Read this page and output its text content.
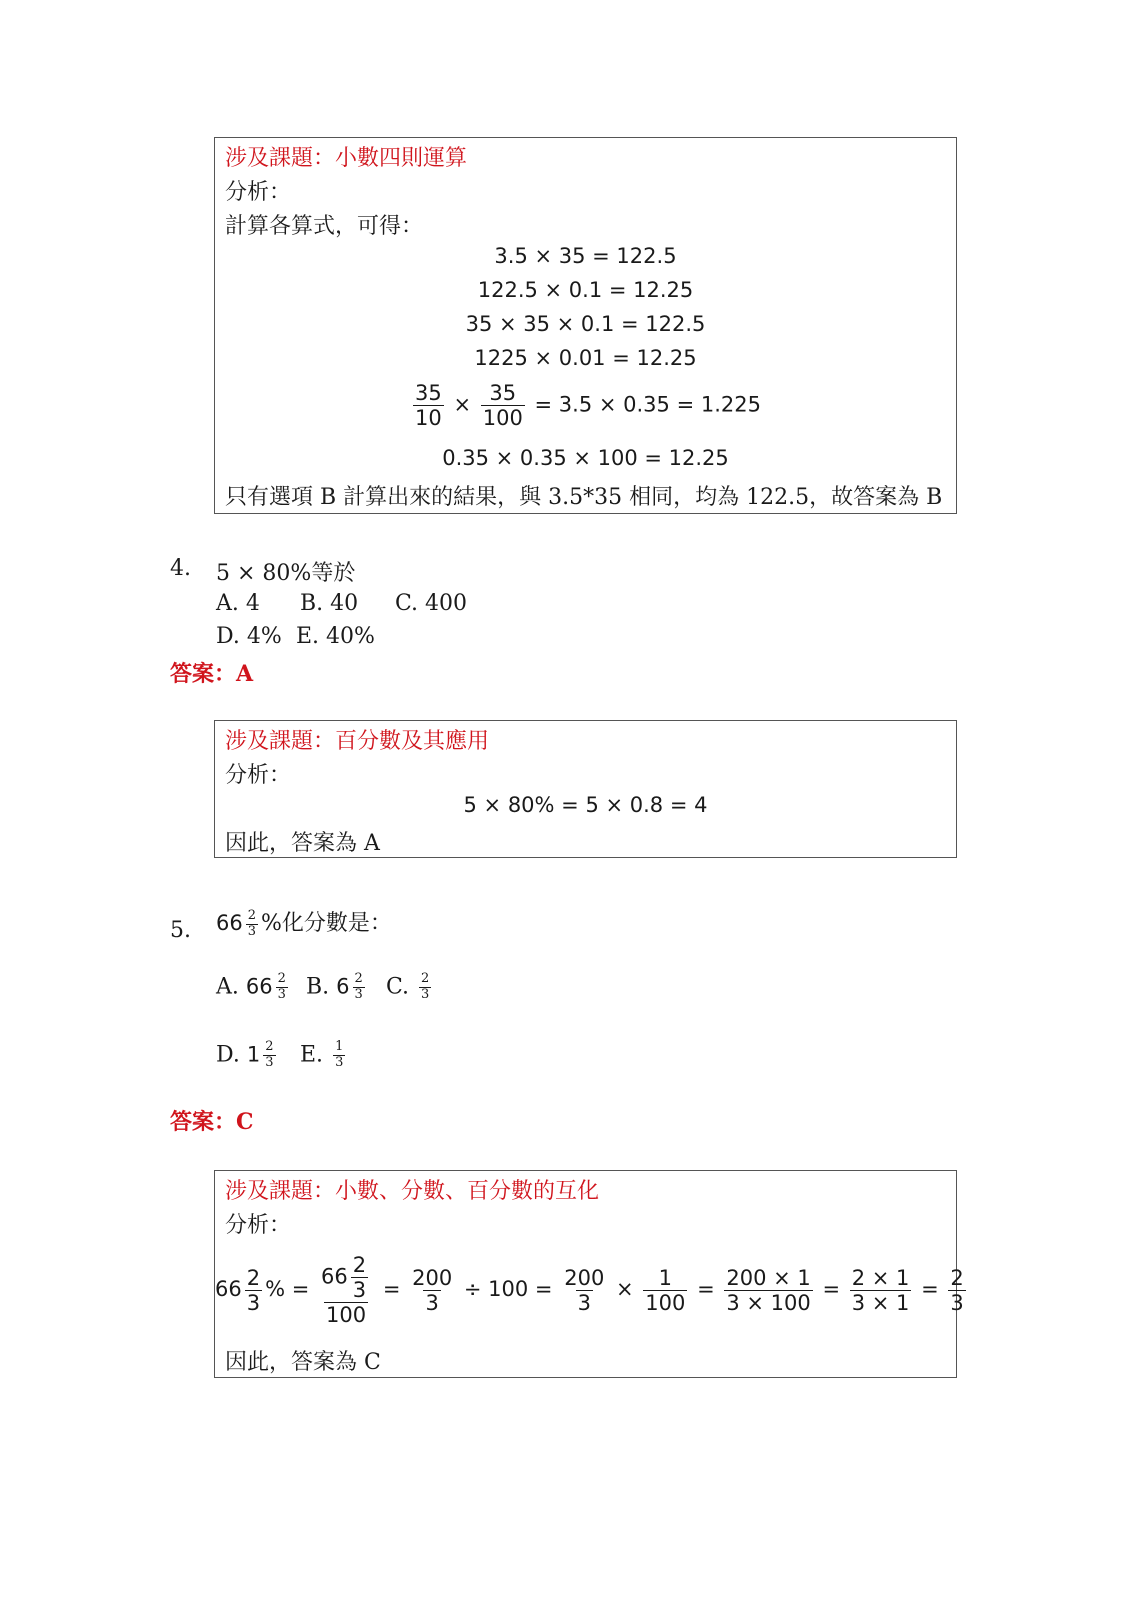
涉及課題：小數四則運算
分析：
計算各算式，可得：
3.5 × 35 = 122.5
122.5 × 0.1 = 12.25
35 × 35 × 0.1 = 122.5
1225 × 0.01 = 12.25
$\frac{35}{10} \times \frac{35}{100} = 3.5 \times 0.35 = 1.225$
0.35 × 0.35 × 100 = 12.25
只有選項 B 計算出來的結果，與 3.5*35 相同，均為 122.5，故答案為 B
4. 5 × 80%等於
A. 4 B. 40 C. 400
D. 4% E. 40%
答案：A
涉及課題：百分數及其應用
分析：
5 × 80% = 5 × 0.8 = 4
因此，答案為 A
5. $66 \frac{2}{3}$ %化分數是：
A. $66 \frac{2}{3} B$. $6 \frac{2}{3} C$. $\frac{2}{3}$
D. $1 \frac{2}{3} E$. $\frac{1}{3}$
答案：C
涉及課題：小數、分數、百分數的互化
分析：
$66 \frac{2}{3}$ % = $\frac{66 \frac{2}{3}}{100} = \frac{200}{3} \div 100 = \frac{200}{3} \times \frac{1}{100} = \frac{200 \times 1}{3 \times 100} = \frac{2 \times 1}{3 \times 1} = \frac{2}{3}$
因此，答案為 C
